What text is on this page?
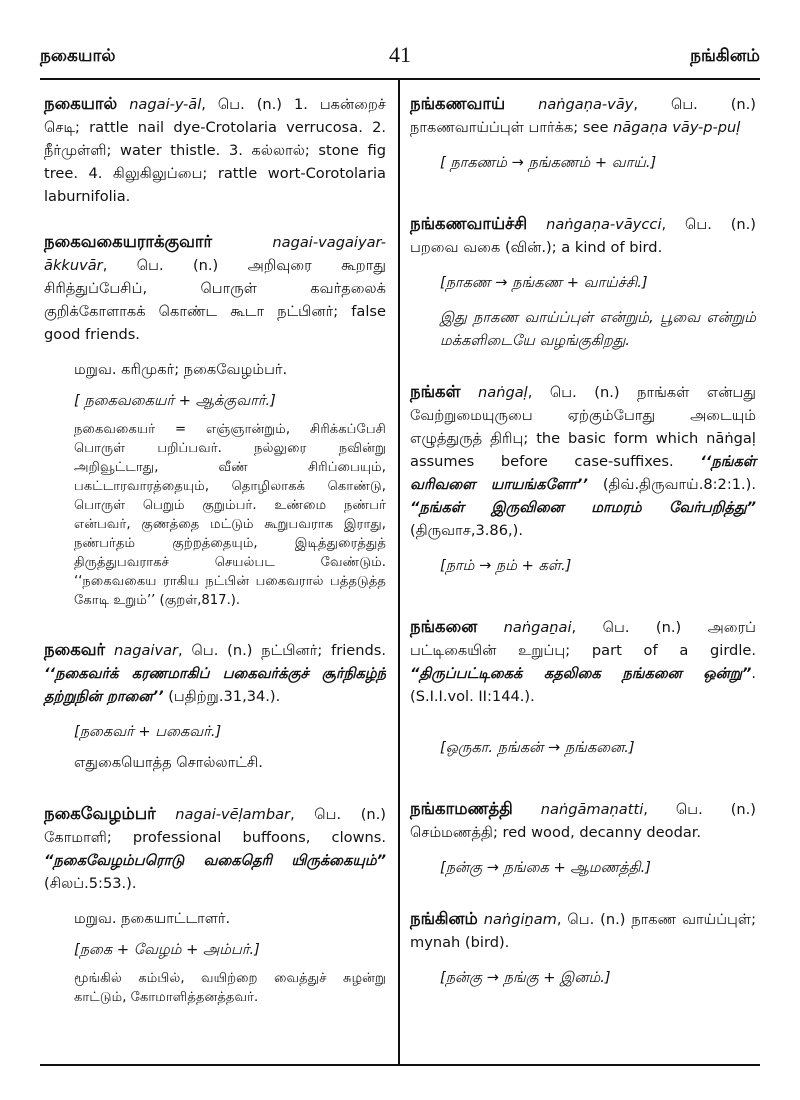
நகையால்	41	நங்கினம்
நகையால் nagai-y-āl, பெ. (n.) 1. பகன்றைச் செடி; rattle nail dye-Crotolaria verrucosa. 2. நீர்முள்ளி; water thistle. 3. கல்லால்; stone fig tree. 4. கிலுகிலுப்பை; rattle wort-Corotolaria laburnifolia.
நகைவகையராக்குவார்	nagai-vagaiyar-ākkuvār, பெ. (n.) அறிவுரை கூறாது சிரித்துப்பேசிப், பொருள் கவர்தலைக் குறிக்கோளாகக் கொண்ட கூடா நட்பினர்; false good friends.
மறுவ. கரிமுகர்; நகைவேழம்பர்.
[ நகைவகையர் + ஆக்குவார்.]
நகைவகையர் = எஞ்ஞான்றும், சிரிக்கப்பேசி பொருள் பறிப்பவர். நல்லுரை நவின்று அறிவூட்டாது, வீண் சிரிப்பையும், பகட்டாரவாரத்தையும், தொழிலாகக் கொண்டு, பொருள் பெறும் குறும்பர். உண்மை நண்பர் என்பவர், குணத்தை மட்டும் கூறுபவராக இராது, நண்பர்தம் குற்றத்தையும், இடித்துரைத்துத் திருத்துபவராகச் செயல்பட வேண்டும். ‘‘நகைவகைய ராகிய நட்பின் பகைவரால் பத்தடுத்த கோடி உறும்’’ (குறள்,817.).
நகைவர் nagaivar, பெ. (n.) நட்பினர்; friends. ‘‘நகைவர்க் கரணமாகிப் பகைவர்க்குச் சூர்நிகழ்ந் தற்றுநின் றானை’’ (பதிற்று.31,34.).
[நகைவர் + பகைவர்.]
எதுகையொத்த சொல்லாட்சி.
நகைவேழம்பர் nagai-vēḷambar, பெ. (n.) கோமாளி; professional buffoons, clowns. “நகைவேழம்பரொடு வகைதெரி யிருக்கையும்” (சிலப்.5:53.).
மறுவ. நகையாட்டாளர்.
[நகை + வேழம் + அம்பர்.]
மூங்கில் கம்பில், வயிற்றை வைத்துச் சுழன்று காட்டும், கோமாளித்தனத்தவர்.
நங்கணவாய் naṅgaṇa-vāy, பெ. (n.) நாகணவாய்ப்புள் பார்க்க; see nāgaṇa vāy-p-puḷ
[ நாகணம் → நங்கணம் + வாய்.]
நங்கணவாய்ச்சி naṅgaṇa-vāycci, பெ. (n.) பறவை வகை (வின்.); a kind of bird.
[நாகண → நங்கண + வாய்ச்சி.]
இது நாகண வாய்ப்புள் என்றும், பூவை என்றும் மக்களிடையே வழங்குகிறது.
நங்கள் naṅgaḷ, பெ. (n.) நாங்கள் என்பது வேற்றுமையுருபை ஏற்கும்போது அடையும் எழுத்துருத் திரிபு; the basic form which nāṅgaḷ assumes before case-suffixes. ‘‘நங்கள் வரிவளை யாயங்களோ’’ (திவ்.திருவாய்.8:2:1.). “நங்கள் இருவினை மாமரம் வேர்பறித்து” (திருவாச,3.86,).
[நாம் → நம் + கள்.]
நங்கனை naṅgaṉai, பெ. (n.) அரைப் பட்டிகையின் உறுப்பு; part of a girdle. “திருப்பட்டிகைக் கதலிகை நங்கனை ஒன்று”. (S.I.I.vol. II:144.).
[ஒருகா. நங்கன் → நங்கனை.]
நங்காமணத்தி naṅgāmaṇatti, பெ. (n.) செம்மணத்தி; red wood, decanny deodar.
[நன்கு → நங்கை + ஆமணத்தி.]
நங்கினம் naṅgiṉam, பெ. (n.) நாகண வாய்ப்புள்; mynah (bird).
[நன்கு → நங்கு + இனம்.]
